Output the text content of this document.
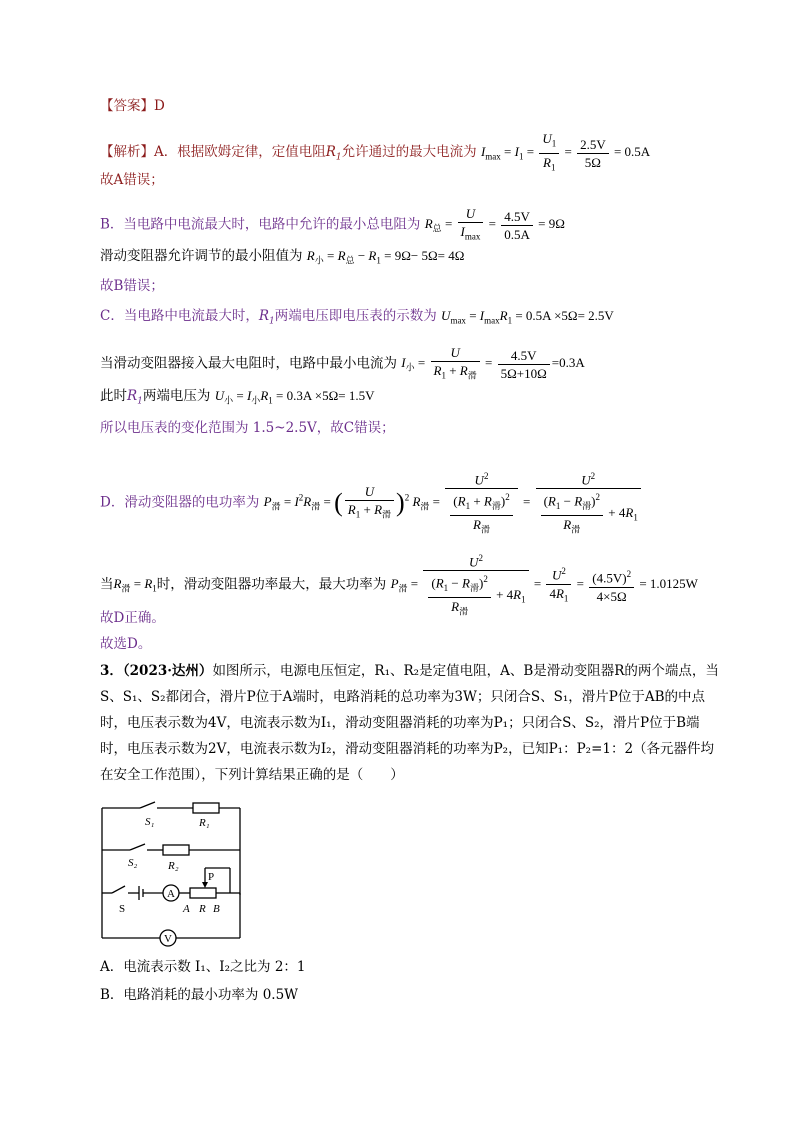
【答案】D
【解析】A．根据欧姆定律，定值电阻$R_1$允许通过的最大电流为 $I_{max} = I_1 = \frac{U_1}{R_1} = \frac{2.5V}{5\Omega} = 0.5A$
故A错误；
B．当电路中电流最大时，电路中允许的最小总电阻为 $R_总 = \frac{U}{I_{max}} = \frac{4.5V}{0.5A} = 9\Omega$
滑动变阻器允许调节的最小阻值为 $R_小 = R_总 - R_1 = 9\Omega- 5\Omega= 4\Omega$
故B错误；
C．当电路中电流最大时，$R_1$两端电压即电压表的示数为 $U_{max} = I_{max}R_1 = 0.5A \times 5\Omega= 2.5V$
当滑动变阻器接入最大电阻时，电路中最小电流为 $I_小 = \frac{U}{R_1 + R_滑} = \frac{4.5V}{5\Omega+10\Omega} =0.3A$
此时$R_1$两端电压为 $U_小 = I_小R_1 = 0.3A \times 5\Omega= 1.5V$
所以电压表的变化范围为 1.5~2.5V，故C错误；
D．滑动变阻器的电功率为 $P_滑 = I^2R_滑$ = ( $\frac{U}{R_1 + R_滑} )^2$ $R_滑 = \frac{U^2}{\frac{(R_1 + R_滑)^2}{R_滑}} = \frac{U^2}{\frac{(R_1 - R_滑)^2}{R_滑} + 4R_1}$
当$R_滑 = R_1$时，滑动变阻器功率最大，最大功率为 $P_滑 = \frac{U^2}{\frac{(R_1 - R_滑)^2}{R_滑} + 4R_1} = \frac{U^2}{4R_1} = \frac{(4.5V)^2}{4\times 5\Omega} = 1.0125W$
故D正确。
故选D。
3．（2023·达州）如图所示，电源电压恒定，R₁、R₂是定值电阻，A、B是滑动变阻器R的两个端点，当S、S₁、S₂都闭合，滑片P位于A端时，电路消耗的总功率为3W；只闭合S、S₁，滑片P位于AB的中点时，电压表示数为4V，电流表示数为I₁，滑动变阻器消耗的功率为P₁；只闭合S、S₂，滑片P位于B端时，电压表示数为2V，电流表示数为I₂，滑动变阻器消耗的功率为P₂，已知P₁：P₂=1：2（各元器件均在安全工作范围），下列计算结果正确的是（　　）
S₁	R₁
S₂	R₂
P
S
A
A R B
V
A．电流表示数 I₁、I₂之比为 2：1
B．电路消耗的最小功率为 0.5W
